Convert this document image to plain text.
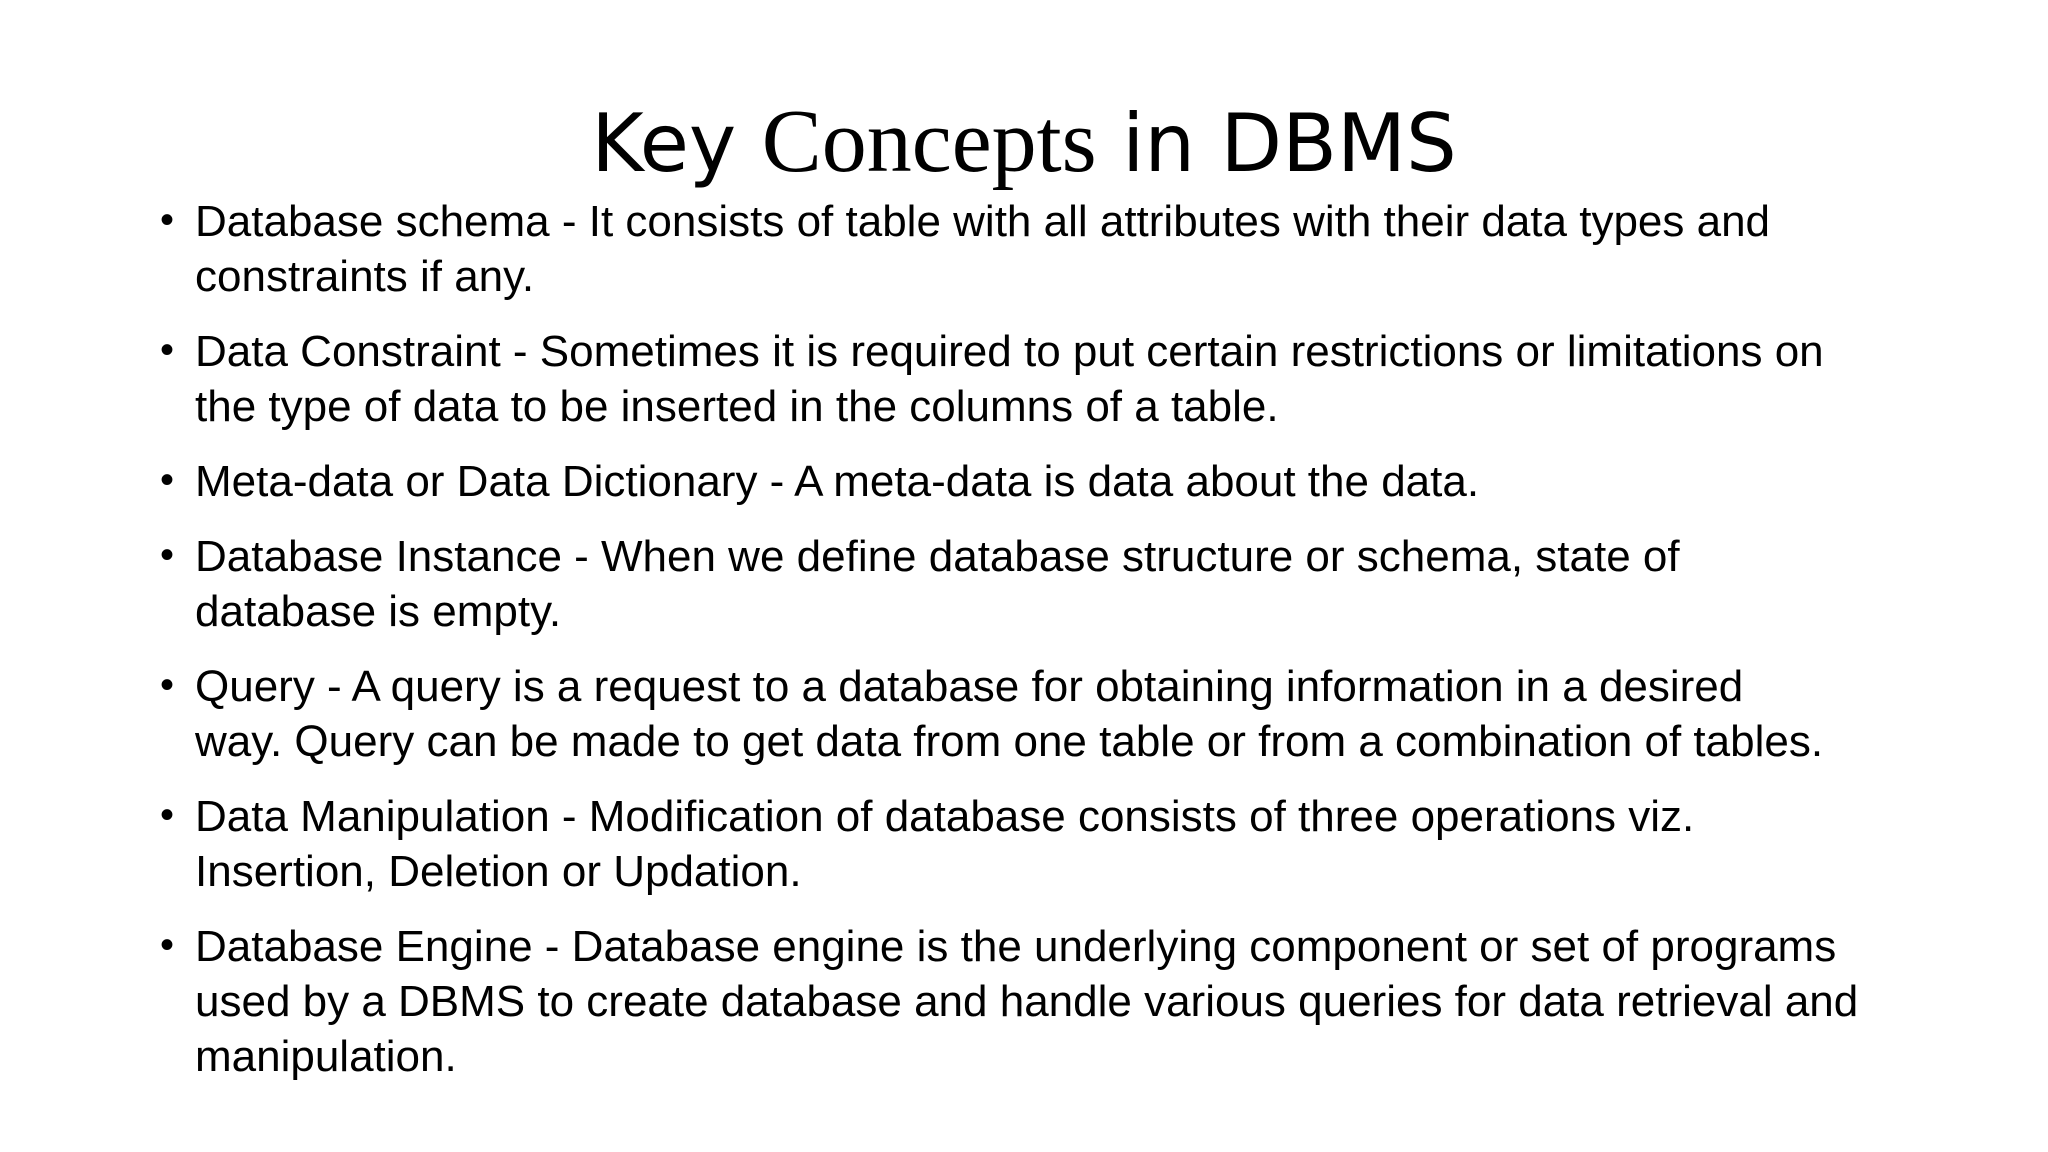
Key Concepts in DBMS
• Database schema - It consists of table with all attributes with their data types and
constraints if any.
• Data Constraint - Sometimes it is required to put certain restrictions or limitations on
the type of data to be inserted in the columns of a table.
• Meta-data or Data Dictionary - A meta-data is data about the data.
• Database Instance - When we define database structure or schema, state of
database is empty.
• Query - A query is a request to a database for obtaining information in a desired
way. Query can be made to get data from one table or from a combination of tables.
• Data Manipulation - Modification of database consists of three operations viz.
Insertion, Deletion or Updation.
• Database Engine - Database engine is the underlying component or set of programs
used by a DBMS to create database and handle various queries for data retrieval and
manipulation.
